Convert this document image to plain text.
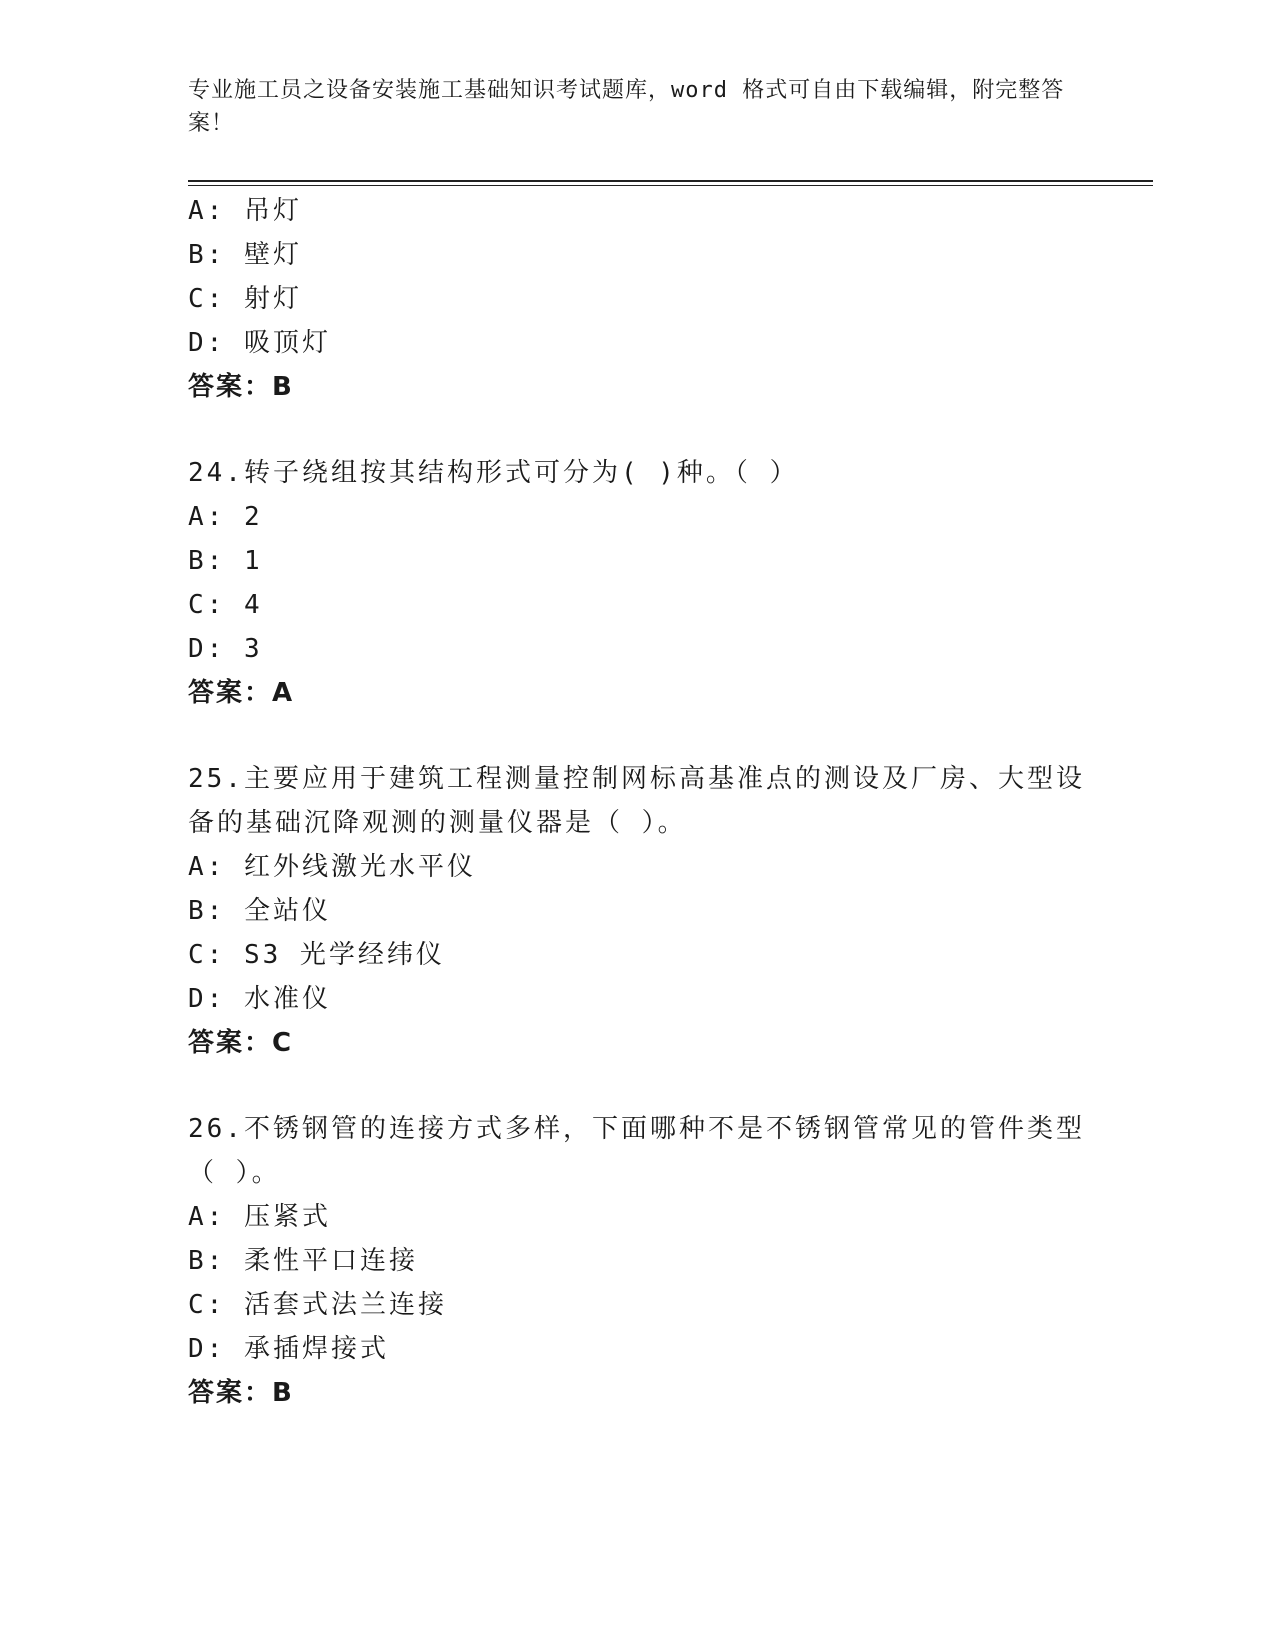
专业施工员之设备安装施工基础知识考试题库，word 格式可自由下载编辑，附完整答案！
A: 吊灯
B: 壁灯
C: 射灯
D: 吸顶灯
答案：B
24.转子绕组按其结构形式可分为( )种。（ ）
A: 2
B: 1
C: 4
D: 3
答案：A
25.主要应用于建筑工程测量控制网标高基准点的测设及厂房、大型设
备的基础沉降观测的测量仪器是（ ）。
A: 红外线激光水平仪
B: 全站仪
C: S3 光学经纬仪
D: 水准仪
答案：C
26.不锈钢管的连接方式多样，下面哪种不是不锈钢管常见的管件类型
（ ）。
A: 压紧式
B: 柔性平口连接
C: 活套式法兰连接
D: 承插焊接式
答案：B
